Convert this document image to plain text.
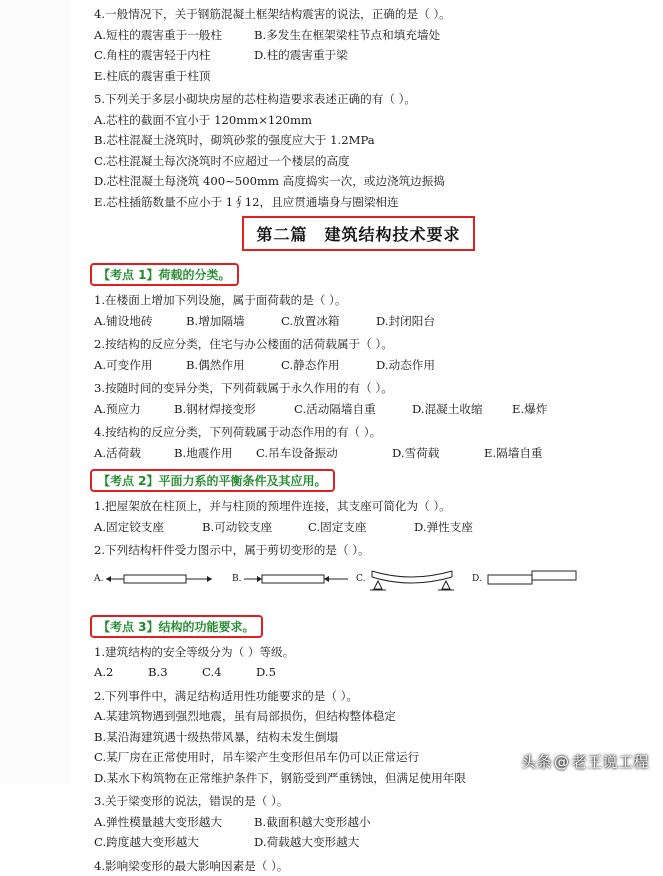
4.一般情况下，关于钢筋混凝土框架结构震害的说法，正确的是（ ）。
A.短柱的震害重于一般柱	B.多发生在框架梁柱节点和填充墙处
C.角柱的震害轻于内柱	D.柱的震害重于梁
E.柱底的震害重于柱顶
5.下列关于多层小砌块房屋的芯柱构造要求表述正确的有（ ）。
A.芯柱的截面不宜小于 120mm×120mm
B.芯柱混凝土浇筑时，砌筑砂浆的强度应大于 1.2MPa
C.芯柱混凝土每次浇筑时不应超过一个楼层的高度
D.芯柱混凝土每浇筑 400~500mm 高度捣实一次，或边浇筑边振捣
E.芯柱插筋数量不应小于 1∮12，且应贯通墙身与圈梁相连
第二篇　建筑结构技术要求
【考点 1】荷载的分类。
1.在楼面上增加下列设施，属于面荷载的是（ ）。
A.铺设地砖	B.增加隔墙	C.放置冰箱	D.封闭阳台
2.按结构的反应分类，住宅与办公楼面的活荷载属于（ ）。
A.可变作用	B.偶然作用	C.静态作用	D.动态作用
3.按随时间的变异分类，下列荷载属于永久作用的有（ ）。
A.预应力	B.钢材焊接变形	C.活动隔墙自重	D.混凝土收缩	E.爆炸
4.按结构的反应分类，下列荷载属于动态作用的有（ ）。
A.活荷载	B.地震作用 C.吊车设备振动	D.雪荷载	E.隔墙自重
【考点 2】平面力系的平衡条件及其应用。
1.把屋架放在柱顶上，并与柱顶的预埋件连接，其支座可简化为（ ）。
A.固定铰支座	B.可动铰支座	C.固定支座	D.弹性支座
2.下列结构杆件受力图示中，属于剪切变形的是（ ）。
A.	B.	C.	D.
【考点 3】结构的功能要求。
1.建筑结构的安全等级分为（ ）等级。
A.2	B.3	C.4	D.5
2.下列事件中，满足结构适用性功能要求的是（ ）。
A.某建筑物遇到强烈地震，虽有局部损伤，但结构整体稳定
B.某沿海建筑遇十级热带风暴，结构未发生倒塌
C.某厂房在正常使用时，吊车梁产生变形但吊车仍可以正常运行
D.某水下构筑物在正常维护条件下，钢筋受到严重锈蚀，但满足使用年限
3.关于梁变形的说法，错误的是（ ）。
A.弹性模量越大变形越大	B.截面积越大变形越小
C.跨度越大变形越大	D.荷载越大变形越大
4.影响梁变形的最大影响因素是（ ）。
头条 @ 老王说工程
